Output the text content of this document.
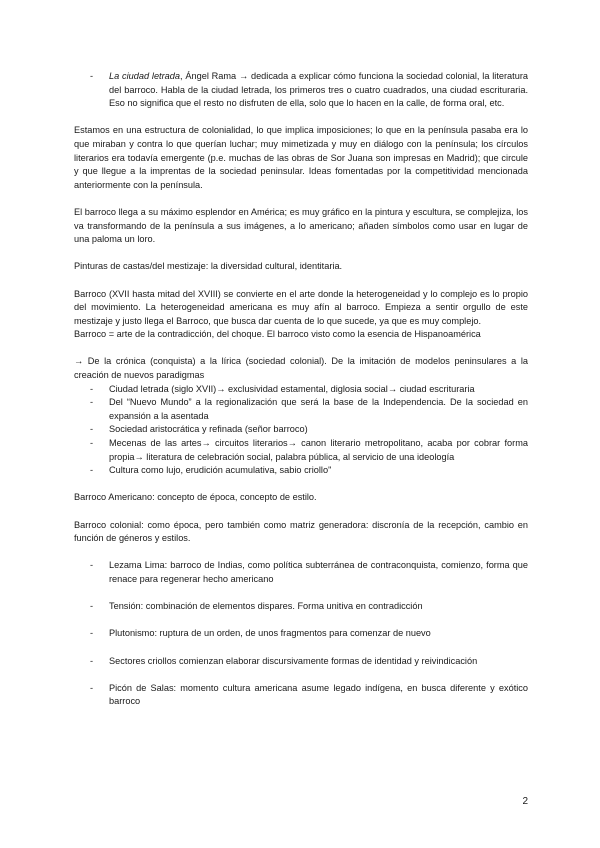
- La ciudad letrada, Ángel Rama → dedicada a explicar cómo funciona la sociedad colonial, la literatura del barroco. Habla de la ciudad letrada, los primeros tres o cuatro cuadrados, una ciudad escrituraria. Eso no significa que el resto no disfruten de ella, solo que lo hacen en la calle, de forma oral, etc.

Estamos en una estructura de colonialidad, lo que implica imposiciones; lo que en la península pasaba era lo que miraban y contra lo que querían luchar; muy mimetizada y muy en diálogo con la península; los círculos literarios era todavía emergente (p.e. muchas de las obras de Sor Juana son impresas en Madrid); que circule y que llegue a la imprentas de la sociedad peninsular. Ideas fomentadas por la competitividad mencionada anteriormente con la península.

El barroco llega a su máximo esplendor en América; es muy gráfico en la pintura y escultura, se complejiza, los va transformando de la península a sus imágenes, a lo americano; añaden símbolos como usar en lugar de una paloma un loro.

Pinturas de castas/del mestizaje: la diversidad cultural, identitaria.

Barroco (XVII hasta mitad del XVIII) se convierte en el arte donde la heterogeneidad y lo complejo es lo propio del movimiento. La heterogeneidad americana es muy afín al barroco. Empieza a sentir orgullo de este mestizaje y justo llega el Barroco, que busca dar cuenta de lo que sucede, ya que es muy complejo.

Barroco = arte de la contradicción, del choque. El barroco visto como la esencia de Hispanoamérica

→ De la crónica (conquista) a la lírica (sociedad colonial). De la imitación de modelos peninsulares a la creación de nuevos paradigmas

- Ciudad letrada (siglo XVII)→ exclusividad estamental, diglosia social→ ciudad escrituraria

- Del “Nuevo Mundo” a la regionalización que será la base de la Independencia. De la sociedad en expansión a la asentada

- Sociedad aristocrática y refinada (señor barroco)

- Mecenas de las artes→ circuitos literarios→ canon literario metropolitano, acaba por cobrar forma propia→ literatura de celebración social, palabra pública, al servicio de una ideología

- Cultura como lujo, erudición acumulativa, sabio criollo"

Barroco Americano: concepto de época, concepto de estilo.

Barroco colonial: como época, pero también como matriz generadora: discronía de la recepción, cambio en función de géneros y estilos.

- Lezama Lima: barroco de Indias, como política subterránea de contraconquista, comienzo, forma que renace para regenerar hecho americano

- Tensión: combinación de elementos dispares. Forma unitiva en contradicción

- Plutonismo: ruptura de un orden, de unos fragmentos para comenzar de nuevo

- Sectores criollos comienzan elaborar discursivamente formas de identidad y reivindicación

- Picón de Salas: momento cultura americana asume legado indígena, en busca diferente y exótico barroco

2
